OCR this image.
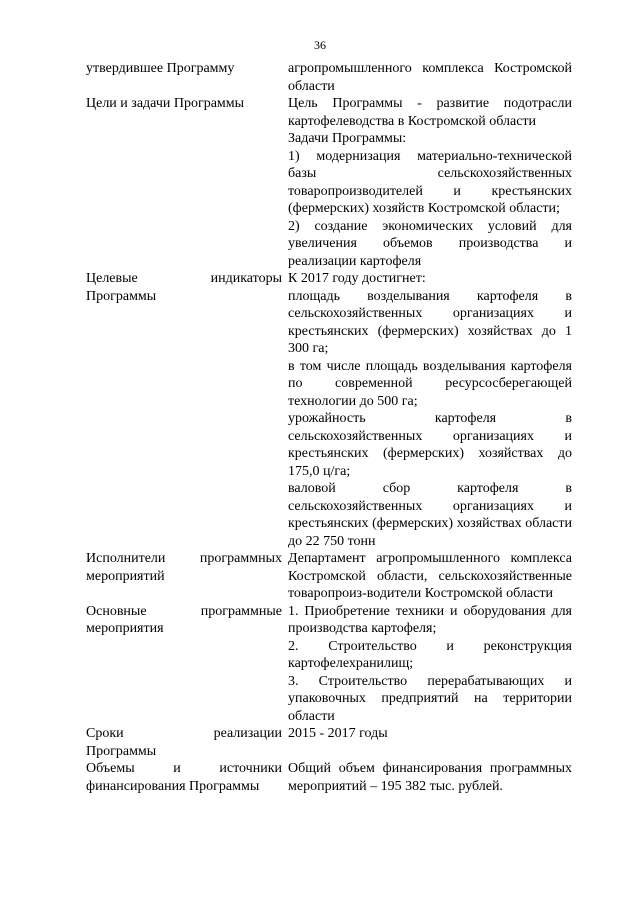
36
утвердившее Программу	агропромышленного комплекса Костромской области
Цели и задачи Программы	Цель Программы - развитие подотрасли картофелеводства в Костромской области
Задачи Программы:
1) модернизация материально-технической базы сельскохозяйственных товаропроизводителей и крестьянских (фермерских) хозяйств Костромской области;
2) создание экономических условий для увеличения объемов производства и реализации картофеля
Целевые индикаторы
Программы
К 2017 году достигнет:
площадь возделывания картофеля в сельскохозяйственных организациях и крестьянских (фермерских) хозяйствах до 1 300 га;
в том числе площадь возделывания картофеля по современной ресурсосберегающей технологии до 500 га;
урожайность картофеля в сельскохозяйственных организациях и крестьянских (фермерских) хозяйствах до 175,0 ц/га;
валовой сбор картофеля в сельскохозяйственных организациях и крестьянских (фермерских) хозяйствах области до 22 750 тонн
Исполнители программных
мероприятий
Департамент агропромышленного комплекса Костромской области, сельскохозяйственные товаропроиз-водители Костромской области
Основные программные
мероприятия
1. Приобретение техники и оборудования для производства картофеля;
2. Строительство и реконструкция картофелехранилищ;
3. Строительство перерабатывающих и упаковочных предприятий на территории области
Сроки реализации
Программы
2015 - 2017 годы
Объемы и источники
финансирования Программы
Общий объем финансирования программных мероприятий – 195 382 тыс. рублей.
